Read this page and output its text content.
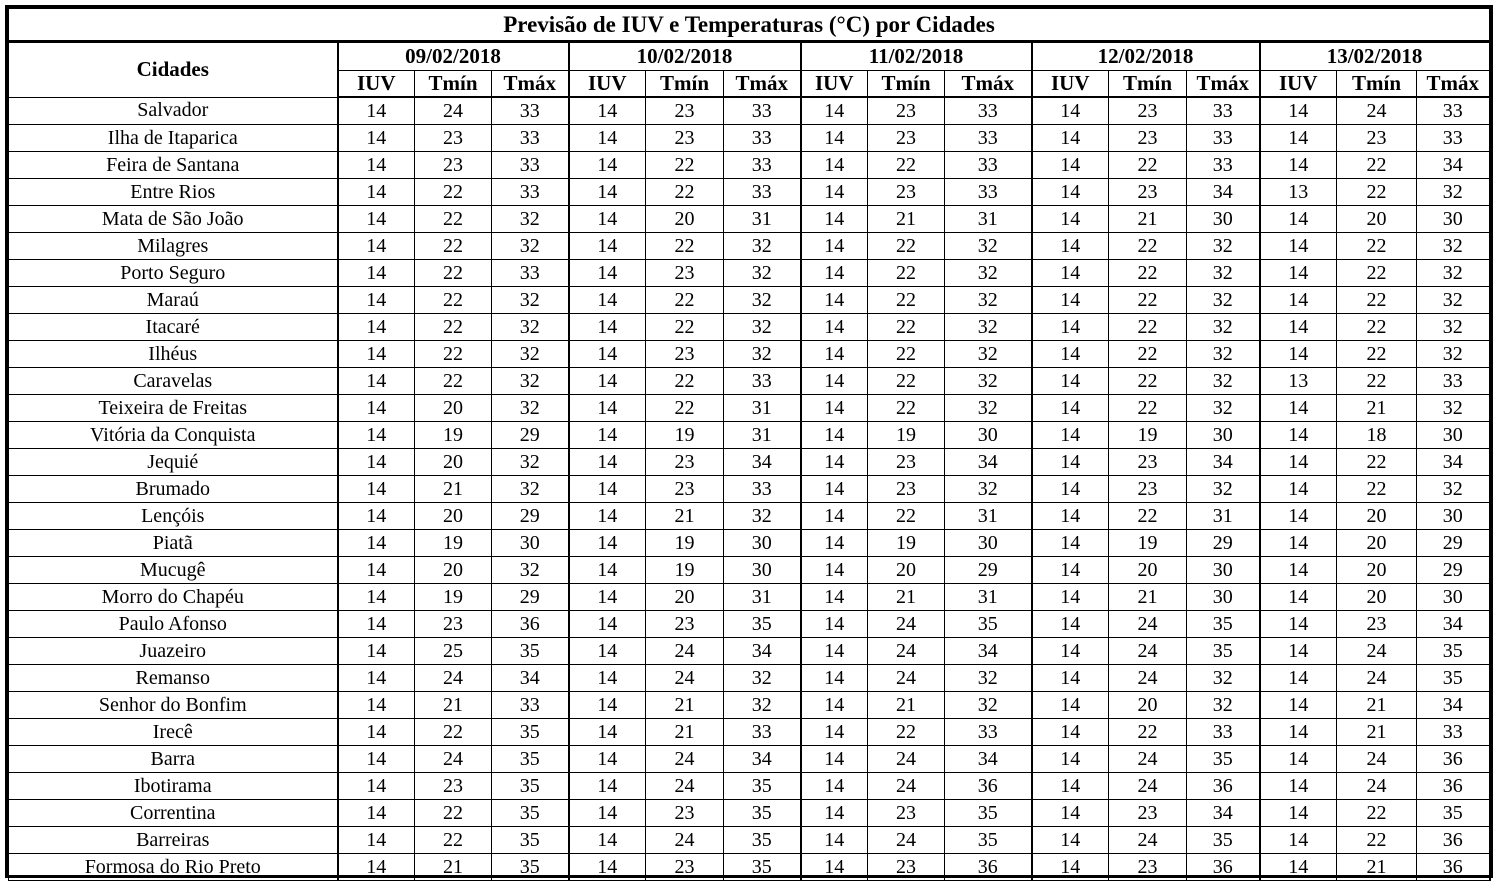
Previsão de IUV e Temperaturas (°C) por Cidades															
Cidades	09/02/2018			10/02/2018			11/02/2018			12/02/2018			13/02/2018		
	IUV	Tmín	Tmáx	IUV	Tmín	Tmáx	IUV	Tmín	Tmáx	IUV	Tmín	Tmáx	IUV	Tmín	Tmáx
Salvador	14	24	33	14	23	33	14	23	33	14	23	33	14	24	33
Ilha de Itaparica	14	23	33	14	23	33	14	23	33	14	23	33	14	23	33
Feira de Santana	14	23	33	14	22	33	14	22	33	14	22	33	14	22	34
Entre Rios	14	22	33	14	22	33	14	23	33	14	23	34	13	22	32
Mata de São João	14	22	32	14	20	31	14	21	31	14	21	30	14	20	30
Milagres	14	22	32	14	22	32	14	22	32	14	22	32	14	22	32
Porto Seguro	14	22	33	14	23	32	14	22	32	14	22	32	14	22	32
Maraú	14	22	32	14	22	32	14	22	32	14	22	32	14	22	32
Itacaré	14	22	32	14	22	32	14	22	32	14	22	32	14	22	32
Ilhéus	14	22	32	14	23	32	14	22	32	14	22	32	14	22	32
Caravelas	14	22	32	14	22	33	14	22	32	14	22	32	13	22	33
Teixeira de Freitas	14	20	32	14	22	31	14	22	32	14	22	32	14	21	32
Vitória da Conquista	14	19	29	14	19	31	14	19	30	14	19	30	14	18	30
Jequié	14	20	32	14	23	34	14	23	34	14	23	34	14	22	34
Brumado	14	21	32	14	23	33	14	23	32	14	23	32	14	22	32
Lençóis	14	20	29	14	21	32	14	22	31	14	22	31	14	20	30
Piatã	14	19	30	14	19	30	14	19	30	14	19	29	14	20	29
Mucugê	14	20	32	14	19	30	14	20	29	14	20	30	14	20	29
Morro do Chapéu	14	19	29	14	20	31	14	21	31	14	21	30	14	20	30
Paulo Afonso	14	23	36	14	23	35	14	24	35	14	24	35	14	23	34
Juazeiro	14	25	35	14	24	34	14	24	34	14	24	35	14	24	35
Remanso	14	24	34	14	24	32	14	24	32	14	24	32	14	24	35
Senhor do Bonfim	14	21	33	14	21	32	14	21	32	14	20	32	14	21	34
Irecê	14	22	35	14	21	33	14	22	33	14	22	33	14	21	33
Barra	14	24	35	14	24	34	14	24	34	14	24	35	14	24	36
Ibotirama	14	23	35	14	24	35	14	24	36	14	24	36	14	24	36
Correntina	14	22	35	14	23	35	14	23	35	14	23	34	14	22	35
Barreiras	14	22	35	14	24	35	14	24	35	14	24	35	14	22	36
Formosa do Rio Preto	14	21	35	14	23	35	14	23	36	14	23	36	14	21	36
